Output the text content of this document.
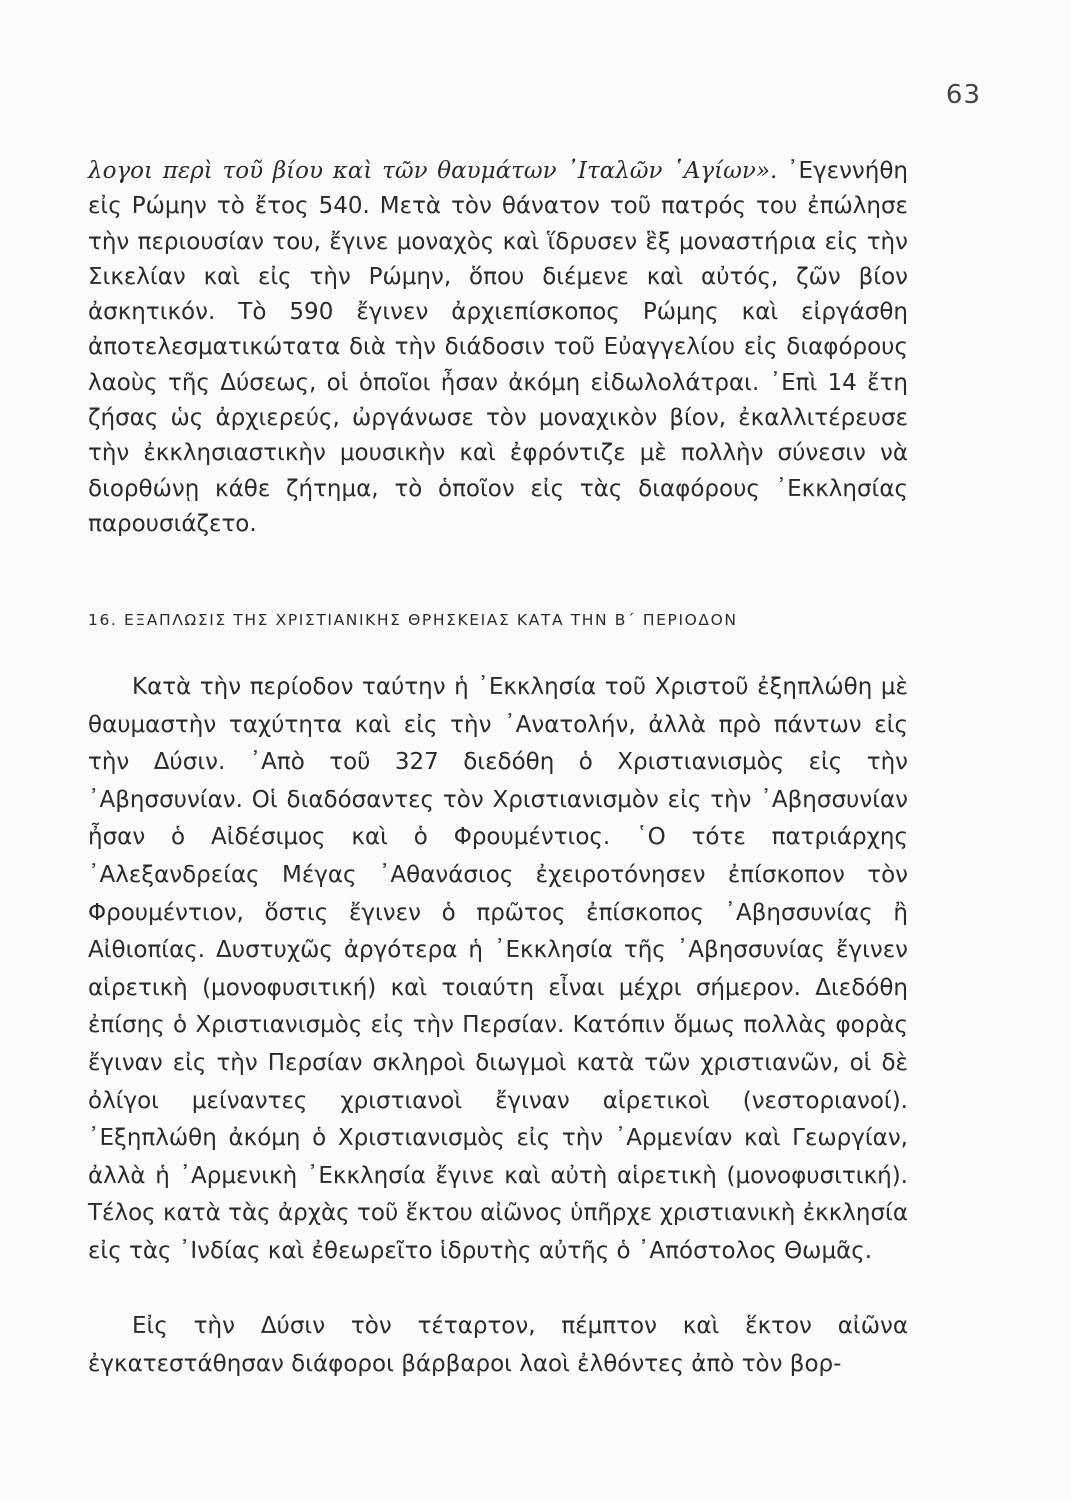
63

λογοι περὶ τοῦ βίου καὶ τῶν θαυμάτων ᾿Ιταλῶν ῾Αγίων». ᾿Εγεννήθη εἰς Ρώμην τὸ ἔτος 540. Μετὰ τὸν θάνατον τοῦ πατρός του ἐπώλησε τὴν περιουσίαν του, ἔγινε μοναχὸς καὶ ἵδρυσεν ἓξ μοναστήρια εἰς τὴν Σικελίαν καὶ εἰς τὴν Ρώμην, ὅπου διέμενε καὶ αὐτός, ζῶν βίον ἀσκητικόν. Τὸ 590 ἔγινεν ἀρχιεπίσκοπος Ρώμης καὶ εἰργάσθη ἀποτελεσματικώτατα διὰ τὴν διάδοσιν τοῦ Εὐαγγελίου εἰς διαφόρους λαοὺς τῆς Δύσεως, οἱ ὁποῖοι ἦσαν ἀκόμη εἰδωλολάτραι. ᾿Επὶ 14 ἔτη ζήσας ὡς ἀρχιερεύς, ὠργάνωσε τὸν μοναχικὸν βίον, ἐκαλλιτέρευσε τὴν ἐκκλησιαστικὴν μουσικὴν καὶ ἐφρόντιζε μὲ πολλὴν σύνεσιν νὰ διορθώνῃ κάθε ζήτημα, τὸ ὁποῖον εἰς τὰς διαφόρους ᾿Εκκλησίας παρουσιάζετο.

16. ΕΞΑΠΛΩΣΙΣ ΤΗΣ ΧΡΙΣΤΙΑΝΙΚΗΣ ΘΡΗΣΚΕΙΑΣ ΚΑΤΑ ΤΗΝ Β΄ ΠΕΡΙΟΔΟΝ

Κατὰ τὴν περίοδον ταύτην ἡ ᾿Εκκλησία τοῦ Χριστοῦ ἐξηπλώθη μὲ θαυμαστὴν ταχύτητα καὶ εἰς τὴν ᾿Ανατολήν, ἀλλὰ πρὸ πάντων εἰς τὴν Δύσιν. ᾿Απὸ τοῦ 327 διεδόθη ὁ Χριστιανισμὸς εἰς τὴν ᾿Αβησσυνίαν. Οἱ διαδόσαντες τὸν Χριστιανισμὸν εἰς τὴν ᾿Αβησσυνίαν ἦσαν ὁ Αἰδέσιμος καὶ ὁ Φρουμέντιος. ῾Ο τότε πατριάρχης ᾿Αλεξανδρείας Μέγας ᾿Αθανάσιος ἐχειροτόνησεν ἐπίσκοπον τὸν Φρουμέντιον, ὅστις ἔγινεν ὁ πρῶτος ἐπίσκοπος ᾿Αβησσυνίας ἢ Αἰθιοπίας. Δυστυχῶς ἀργότερα ἡ ᾿Εκκλησία τῆς ᾿Αβησσυνίας ἔγινεν αἱρετικὴ (μονοφυσιτική) καὶ τοιαύτη εἶναι μέχρι σήμερον. Διεδόθη ἐπίσης ὁ Χριστιανισμὸς εἰς τὴν Περσίαν. Κατόπιν ὅμως πολλὰς φορὰς ἔγιναν εἰς τὴν Περσίαν σκληροὶ διωγμοὶ κατὰ τῶν χριστιανῶν, οἱ δὲ ὀλίγοι μείναντες χριστιανοὶ ἔγιναν αἱρετικοὶ (νεστοριανοί). ᾿Εξηπλώθη ἀκόμη ὁ Χριστιανισμὸς εἰς τὴν ᾿Αρμενίαν καὶ Γεωργίαν, ἀλλὰ ἡ ᾿Αρμενικὴ ᾿Εκκλησία ἔγινε καὶ αὐτὴ αἱρετικὴ (μονοφυσιτική). Τέλος κατὰ τὰς ἀρχὰς τοῦ ἕκτου αἰῶνος ὑπῆρχε χριστιανικὴ ἐκκλησία εἰς τὰς ᾿Ινδίας καὶ ἐθεωρεῖτο ἱδρυτὴς αὐτῆς ὁ ᾿Απόστολος Θωμᾶς.

Εἰς τὴν Δύσιν τὸν τέταρτον, πέμπτον καὶ ἕκτον αἰῶνα ἐγκατεστάθησαν διάφοροι βάρβαροι λαοὶ ἐλθόντες ἀπὸ τὸν βορ-
